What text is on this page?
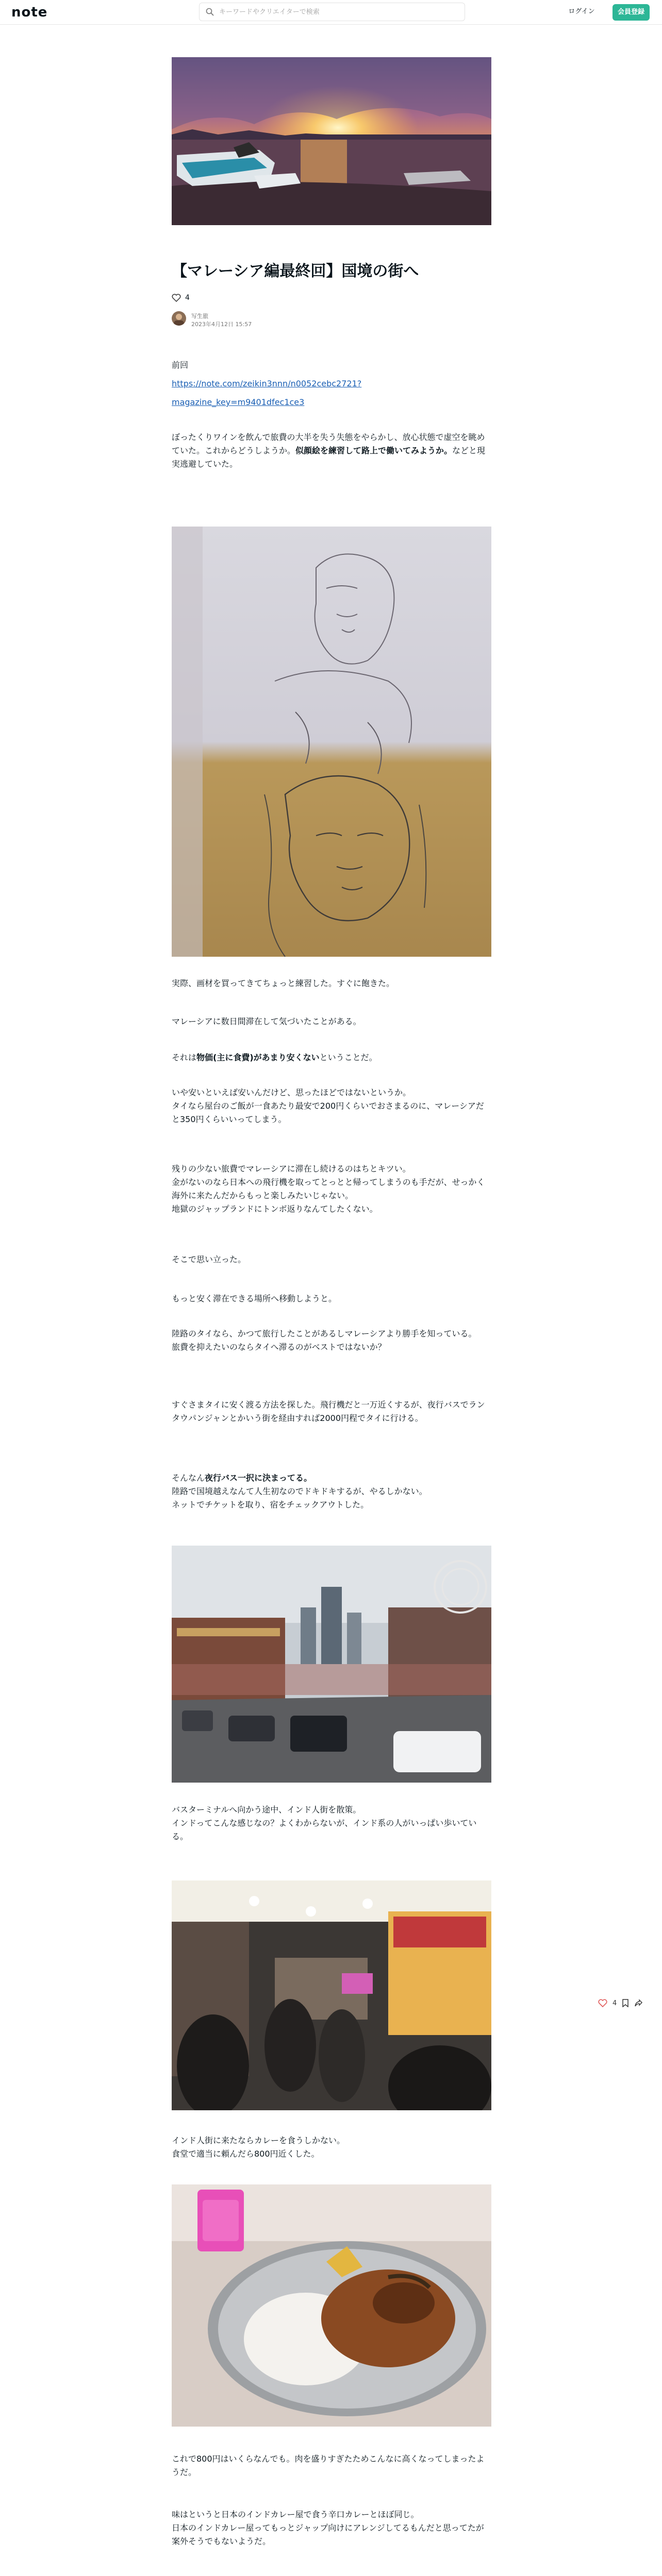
note
キーワードやクリエイターで検索	ログイン	会員登録
【マレーシア編最終回】国境の街へ
4
写生旅
2023年4月12日 15:57
前回
https://note.com/zeikin3nnn/n0052cebc2721?
magazine_key=m9401dfec1ce3
ぼったくりワインを飲んで旅費の大半を失う失態をやらかし、放心状態で虚空を眺めていた。これからどうしようか。似顔絵を練習して路上で働いてみようか。などと現実逃避していた。
実際、画材を買ってきてちょっと練習した。すぐに飽きた。
マレーシアに数日間滞在して気づいたことがある。
それは物価(主に食費)があまり安くないということだ。
いや安いといえば安いんだけど、思ったほどではないというか。
タイなら屋台のご飯が一食あたり最安で200円くらいでおさまるのに、マレーシアだと350円くらいいってしまう。
残りの少ない旅費でマレーシアに滞在し続けるのはちとキツい。
金がないのなら日本への飛行機を取ってとっとと帰ってしまうのも手だが、せっかく海外に来たんだからもっと楽しみたいじゃない。
地獄のジャップランドにトンボ返りなんてしたくない。
そこで思い立った。
もっと安く滞在できる場所へ移動しようと。
陸路のタイなら、かつて旅行したことがあるしマレーシアより勝手を知っている。
旅費を抑えたいのならタイへ滞るのがベストではないか？
すぐさまタイに安く渡る方法を探した。飛行機だと一万近くするが、夜行バスでランタウパンジャンとかいう街を経由すれば2000円程でタイに行ける。
そんなん夜行バス一択に決まってる。
陸路で国境越えなんて人生初なのでドキドキするが、やるしかない。
ネットでチケットを取り、宿をチェックアウトした。
バスターミナルへ向かう途中、インド人街を散策。
インドってこんな感じなの？よくわからないが、インド系の人がいっぱい歩いている。
インド人街に来たならカレーを食うしかない。
食堂で適当に頼んだら800円近くした。
これで800円はいくらなんでも。肉を盛りすぎたためこんなに高くなってしまったようだ。
味はというと日本のインドカレー屋で食う辛口カレーとほぼ同じ。
日本のインドカレー屋ってもっとジャップ向けにアレンジしてるもんだと思ってたが案外そうでもないようだ。
4
